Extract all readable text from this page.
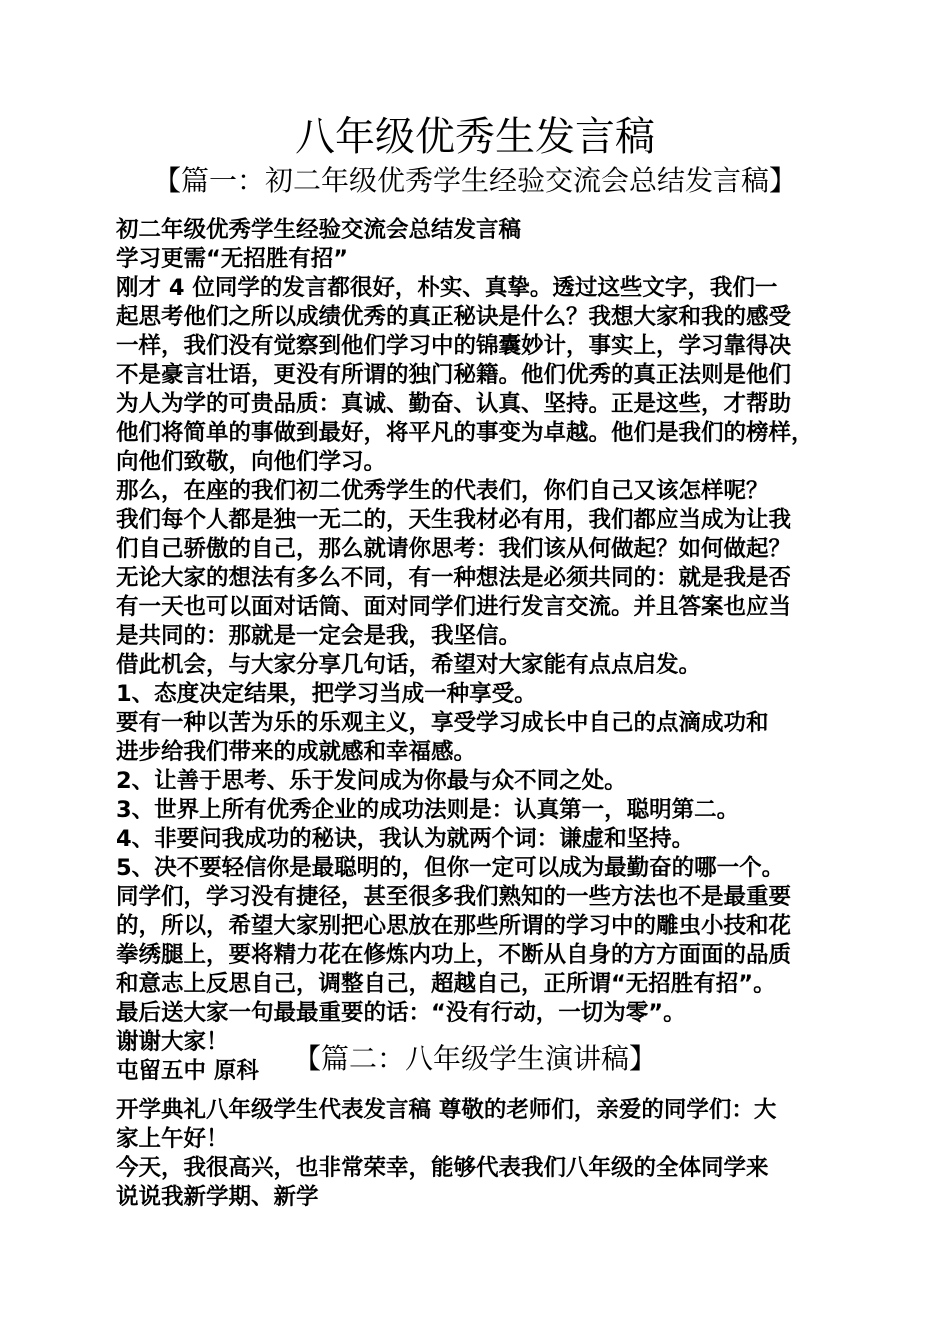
八年级优秀生发言稿
【篇一：初二年级优秀学生经验交流会总结发言稿】

初二年级优秀学生经验交流会总结发言稿

学习更需“无招胜有招”

刚才 4 位同学的发言都很好，朴实、真挚。透过这些文字，我们一

起思考他们之所以成绩优秀的真正秘诀是什么？我想大家和我的感受

一样，我们没有觉察到他们学习中的锦囊妙计，事实上，学习靠得决

不是豪言壮语，更没有所谓的独门秘籍。他们优秀的真正法则是他们

为人为学的可贵品质：真诚、勤奋、认真、坚持。正是这些，才帮助

他们将简单的事做到最好，将平凡的事变为卓越。他们是我们的榜样，

向他们致敬，向他们学习。

那么，在座的我们初二优秀学生的代表们，你们自己又该怎样呢？

我们每个人都是独一无二的，天生我材必有用，我们都应当成为让我

们自己骄傲的自己，那么就请你思考：我们该从何做起？如何做起？

无论大家的想法有多么不同，有一种想法是必须共同的：就是我是否

有一天也可以面对话筒、面对同学们进行发言交流。并且答案也应当

是共同的：那就是一定会是我，我坚信。

借此机会，与大家分享几句话，希望对大家能有点点启发。

1、态度决定结果，把学习当成一种享受。

要有一种以苦为乐的乐观主义，享受学习成长中自己的点滴成功和

进步给我们带来的成就感和幸福感。

2、让善于思考、乐于发问成为你最与众不同之处。

3、世界上所有优秀企业的成功法则是：认真第一，聪明第二。

4、非要问我成功的秘诀，我认为就两个词：谦虚和坚持。

5、决不要轻信你是最聪明的，但你一定可以成为最勤奋的哪一个。

同学们，学习没有捷径，甚至很多我们熟知的一些方法也不是最重要

的，所以，希望大家别把心思放在那些所谓的学习中的雕虫小技和花

拳绣腿上，要将精力花在修炼内功上，不断从自身的方方面面的品质

和意志上反思自己，调整自己，超越自己，正所谓“无招胜有招”。

最后送大家一句最最重要的话：“没有行动，一切为零”。

谢谢大家！

屯留五中 原科	【篇二：八年级学生演讲稿】

开学典礼八年级学生代表发言稿 尊敬的老师们，亲爱的同学们：大

家上午好！

今天，我很高兴，也非常荣幸，能够代表我们八年级的全体同学来

说说我新学期、新学
